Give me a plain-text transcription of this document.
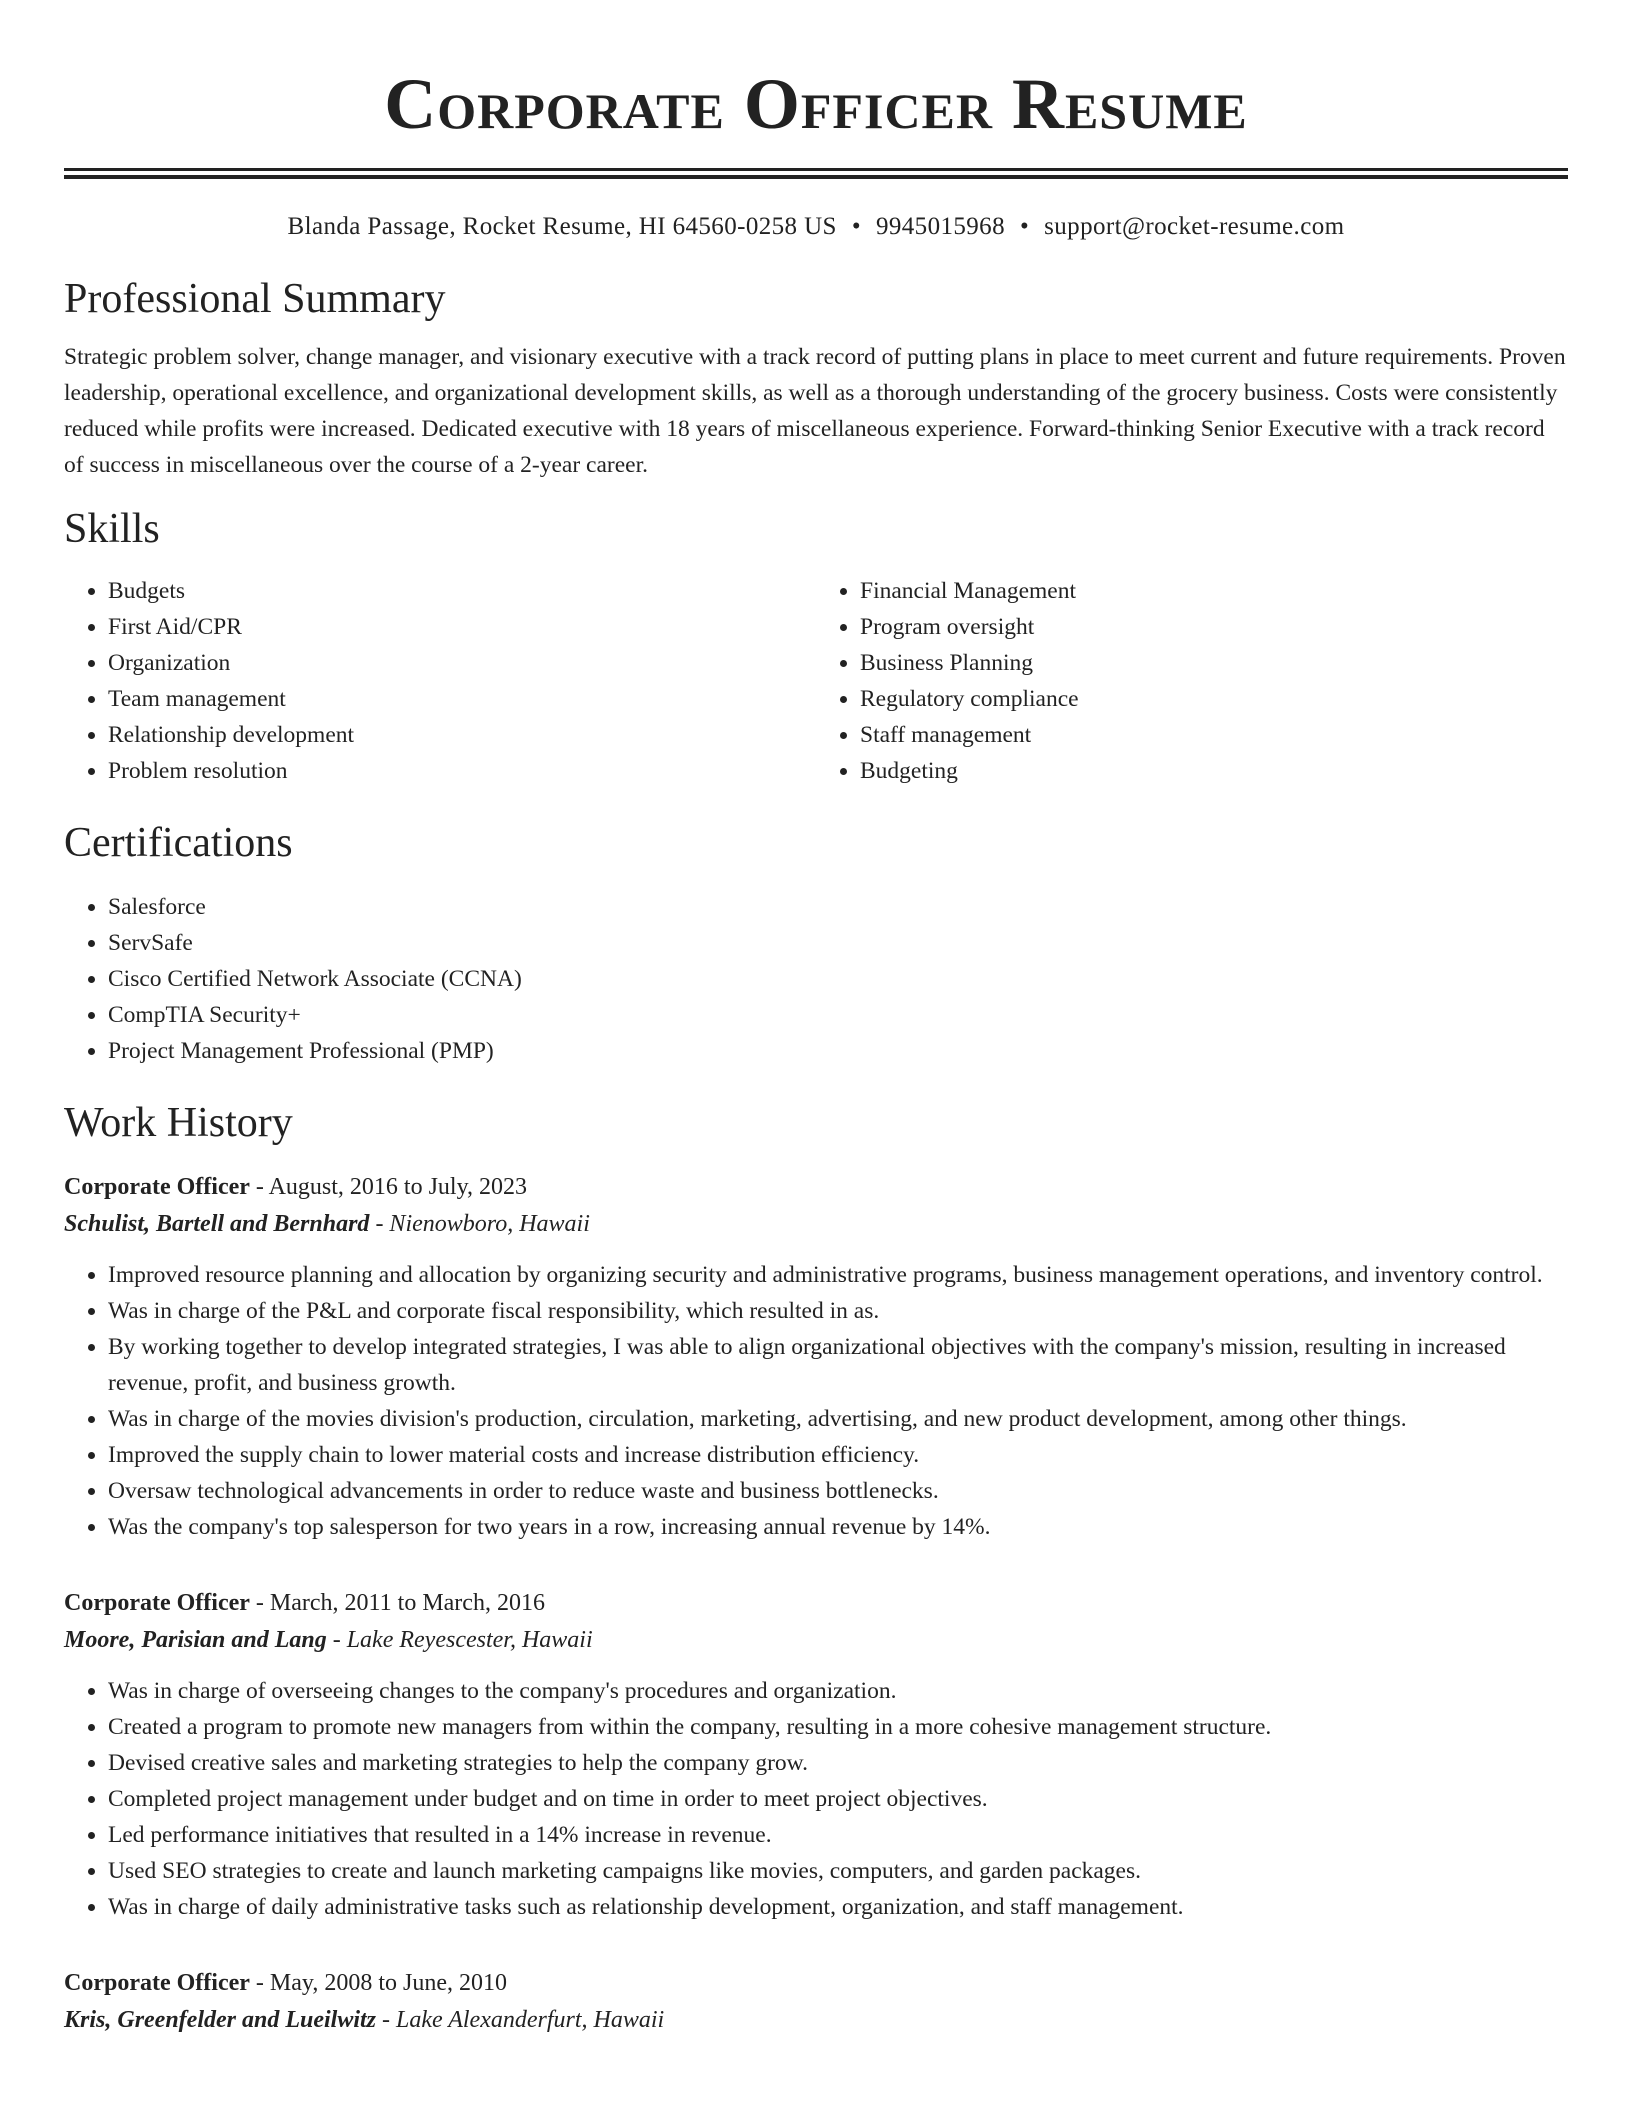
Corporate Officer Resume
Blanda Passage, Rocket Resume, HI 64560-0258 US • 9945015968 • support@rocket-resume.com
Professional Summary

Strategic problem solver, change manager, and visionary executive with a track record of putting plans in place to meet current and future requirements. Proven leadership, operational excellence, and organizational development skills, as well as a thorough understanding of the grocery business. Costs were consistently reduced while profits were increased. Dedicated executive with 18 years of miscellaneous experience. Forward-thinking Senior Executive with a track record of success in miscellaneous over the course of a 2-year career.

Skills
• Budgets
• First Aid/CPR
• Organization
• Team management
• Relationship development
• Problem resolution
• Financial Management
• Program oversight
• Business Planning
• Regulatory compliance
• Staff management
• Budgeting
Certifications
• Salesforce
• ServSafe
• Cisco Certified Network Associate (CCNA)
• CompTIA Security+
• Project Management Professional (PMP)
Work History
Corporate Officer - August, 2016 to July, 2023
Schulist, Bartell and Bernhard - Nienowboro, Hawaii
• Improved resource planning and allocation by organizing security and administrative programs, business management operations, and inventory control.
• Was in charge of the P&L and corporate fiscal responsibility, which resulted in as.
• By working together to develop integrated strategies, I was able to align organizational objectives with the company's mission, resulting in increased revenue, profit, and business growth.
• Was in charge of the movies division's production, circulation, marketing, advertising, and new product development, among other things.
• Improved the supply chain to lower material costs and increase distribution efficiency.
• Oversaw technological advancements in order to reduce waste and business bottlenecks.
• Was the company's top salesperson for two years in a row, increasing annual revenue by 14%.
Corporate Officer - March, 2011 to March, 2016
Moore, Parisian and Lang - Lake Reyescester, Hawaii
• Was in charge of overseeing changes to the company's procedures and organization.
• Created a program to promote new managers from within the company, resulting in a more cohesive management structure.
• Devised creative sales and marketing strategies to help the company grow.
• Completed project management under budget and on time in order to meet project objectives.
• Led performance initiatives that resulted in a 14% increase in revenue.
• Used SEO strategies to create and launch marketing campaigns like movies, computers, and garden packages.
• Was in charge of daily administrative tasks such as relationship development, organization, and staff management.
Corporate Officer - May, 2008 to June, 2010
Kris, Greenfelder and Lueilwitz - Lake Alexanderfurt, Hawaii
